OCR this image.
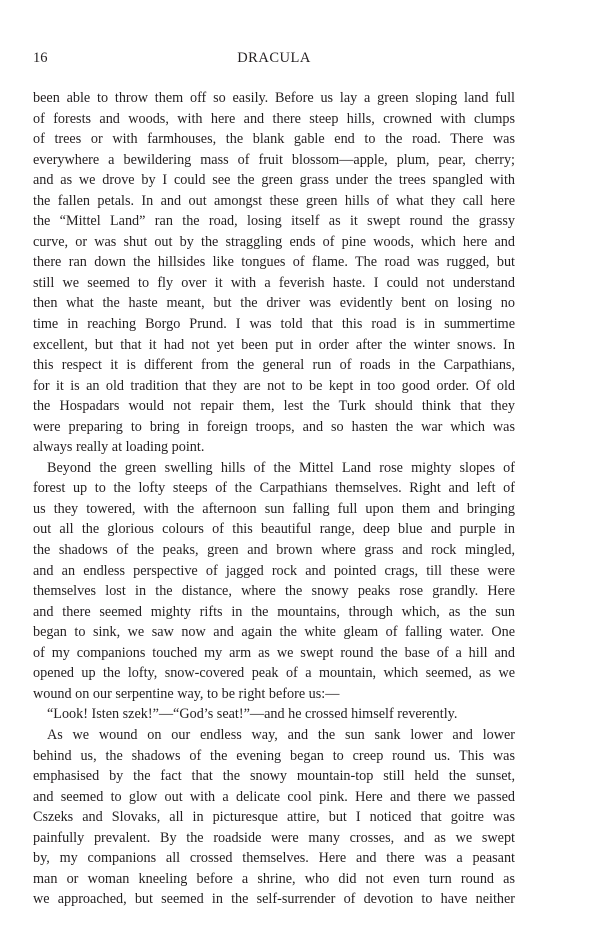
16	DRACULA
been able to throw them off so easily. Before us lay a green sloping land full
of forests and woods, with here and there steep hills, crowned with clumps
of trees or with farmhouses, the blank gable end to the road. There was
everywhere a bewildering mass of fruit blossom—apple, plum, pear, cherry;
and as we drove by I could see the green grass under the trees spangled with
the fallen petals. In and out amongst these green hills of what they call here
the “Mittel Land” ran the road, losing itself as it swept round the grassy
curve, or was shut out by the straggling ends of pine woods, which here and
there ran down the hillsides like tongues of flame. The road was rugged, but
still we seemed to fly over it with a feverish haste. I could not understand
then what the haste meant, but the driver was evidently bent on losing no
time in reaching Borgo Prund. I was told that this road is in summertime
excellent, but that it had not yet been put in order after the winter snows. In
this respect it is different from the general run of roads in the Carpathians,
for it is an old tradition that they are not to be kept in too good order. Of old
the Hospadars would not repair them, lest the Turk should think that they
were preparing to bring in foreign troops, and so hasten the war which was
always really at loading point.
Beyond the green swelling hills of the Mittel Land rose mighty slopes of
forest up to the lofty steeps of the Carpathians themselves. Right and left of
us they towered, with the afternoon sun falling full upon them and bringing
out all the glorious colours of this beautiful range, deep blue and purple in
the shadows of the peaks, green and brown where grass and rock mingled,
and an endless perspective of jagged rock and pointed crags, till these were
themselves lost in the distance, where the snowy peaks rose grandly. Here
and there seemed mighty rifts in the mountains, through which, as the sun
began to sink, we saw now and again the white gleam of falling water. One
of my companions touched my arm as we swept round the base of a hill and
opened up the lofty, snow-covered peak of a mountain, which seemed, as we
wound on our serpentine way, to be right before us:—
“Look! Isten szek!”—“God’s seat!”—and he crossed himself reverently.
As we wound on our endless way, and the sun sank lower and lower
behind us, the shadows of the evening began to creep round us. This was
emphasised by the fact that the snowy mountain-top still held the sunset,
and seemed to glow out with a delicate cool pink. Here and there we passed
Cszeks and Slovaks, all in picturesque attire, but I noticed that goitre was
painfully prevalent. By the roadside were many crosses, and as we swept
by, my companions all crossed themselves. Here and there was a peasant
man or woman kneeling before a shrine, who did not even turn round as
we approached, but seemed in the self-surrender of devotion to have neither
